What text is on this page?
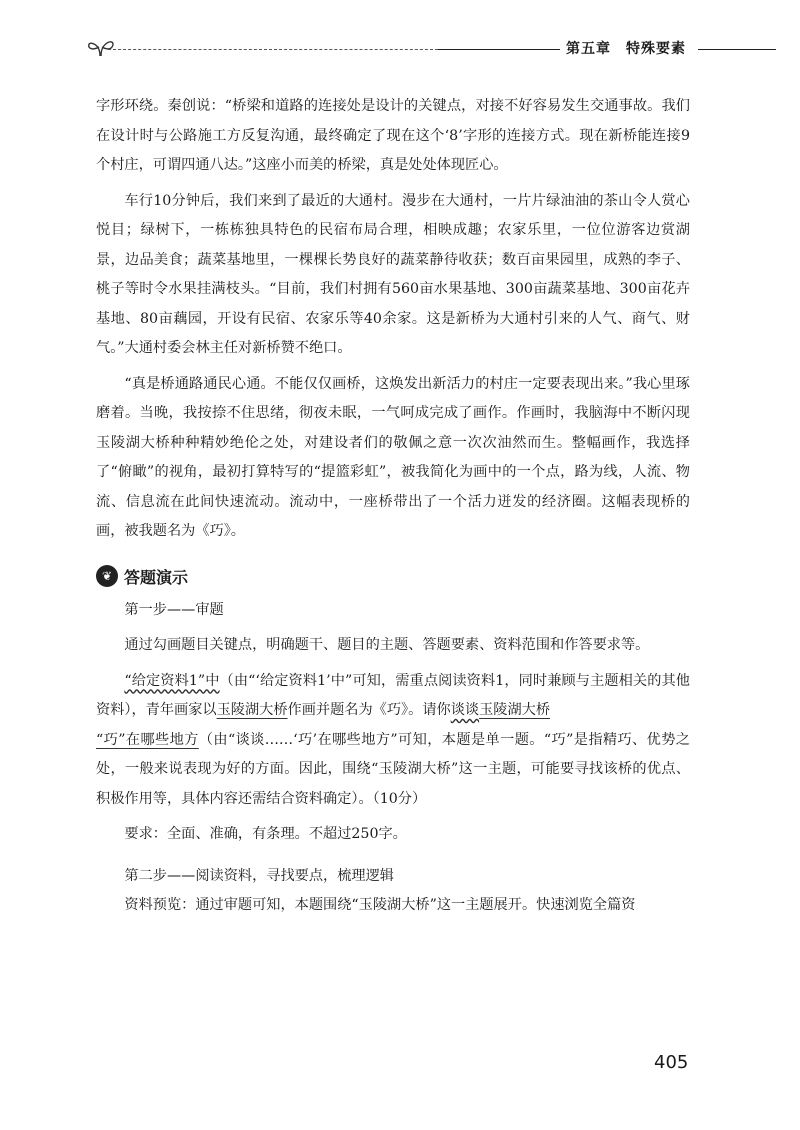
第五章　特殊要素

字形环绕。秦创说：“桥梁和道路的连接处是设计的关键点，对接不好容易发生交通事故。我们在设计时与公路施工方反复沟通，最终确定了现在这个‘8’字形的连接方式。现在新桥能连接9个村庄，可谓四通八达。”这座小而美的桥梁，真是处处体现匠心。

车行10分钟后，我们来到了最近的大通村。漫步在大通村，一片片绿油油的茶山令人赏心悦目；绿树下，一栋栋独具特色的民宿布局合理，相映成趣；农家乐里，一位位游客边赏湖景，边品美食；蔬菜基地里，一棵棵长势良好的蔬菜静待收获；数百亩果园里，成熟的李子、桃子等时令水果挂满枝头。“目前，我们村拥有560亩水果基地、300亩蔬菜基地、300亩花卉基地、80亩藕园，开设有民宿、农家乐等40余家。这是新桥为大通村引来的人气、商气、财气。”大通村委会林主任对新桥赞不绝口。

“真是桥通路通民心通。不能仅仅画桥，这焕发出新活力的村庄一定要表现出来。”我心里琢磨着。当晚，我按捺不住思绪，彻夜未眠，一气呵成完成了画作。作画时，我脑海中不断闪现玉陵湖大桥种种精妙绝伦之处，对建设者们的敬佩之意一次次油然而生。整幅画作，我选择了“俯瞰”的视角，最初打算特写的“提篮彩虹”，被我简化为画中的一个点，路为线，人流、物流、信息流在此间快速流动。流动中，一座桥带出了一个活力迸发的经济圈。这幅表现桥的画，被我题名为《巧》。

❦ 答题演示

第一步——审题

通过勾画题目关键点，明确题干、题目的主题、答题要素、资料范围和作答要求等。

“给定资料1”中（由“‘给定资料1’中”可知，需重点阅读资料1，同时兼顾与主题相关的其他资料），青年画家以玉陵湖大桥作画并题名为《巧》。请你谈谈玉陵湖大桥
“巧”在哪些地方（由“谈谈……‘巧’在哪些地方”可知，本题是单一题。“巧”是指精巧、优势之处，一般来说表现为好的方面。因此，围绕“玉陵湖大桥”这一主题，可能要寻找该桥的优点、积极作用等，具体内容还需结合资料确定）。（10分）

要求：全面、准确，有条理。不超过250字。

第二步——阅读资料，寻找要点，梳理逻辑

资料预览：通过审题可知，本题围绕“玉陵湖大桥”这一主题展开。快速浏览全篇资

405
